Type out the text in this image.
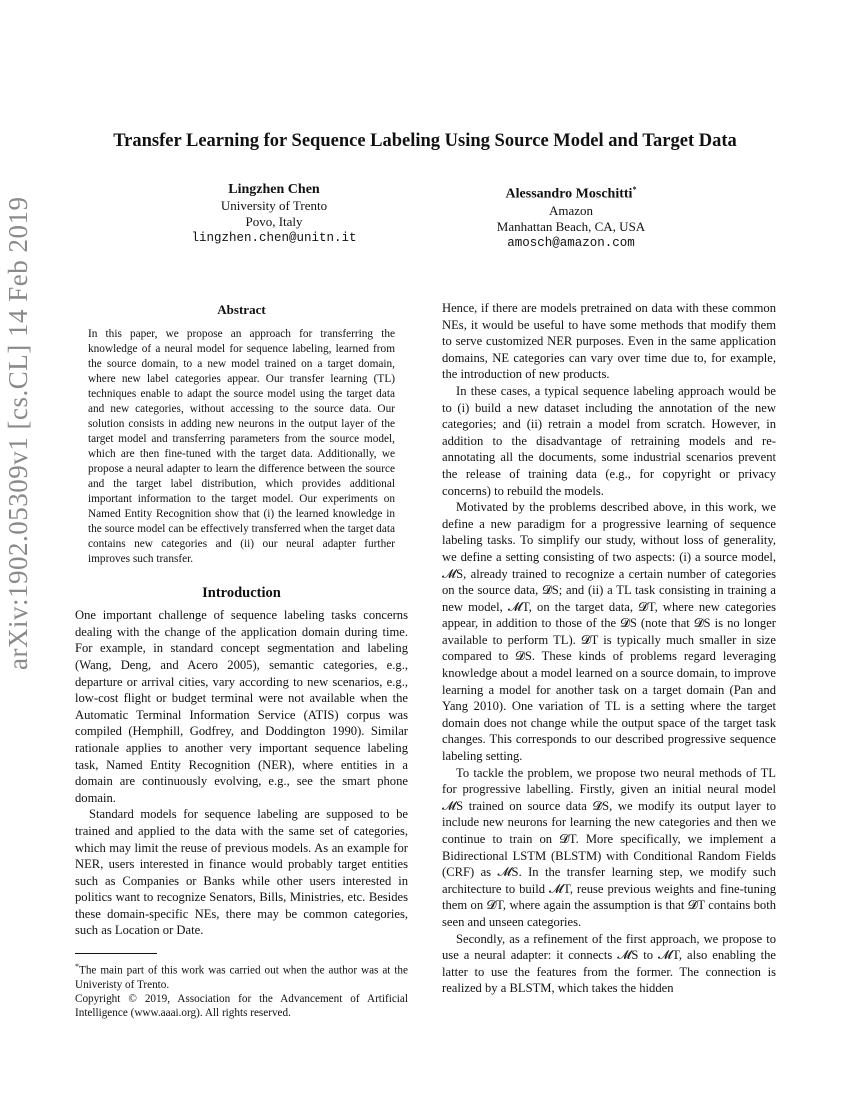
arXiv:1902.05309v1 [cs.CL] 14 Feb 2019
Transfer Learning for Sequence Labeling Using Source Model and Target Data
Lingzhen Chen
University of Trento
Povo, Italy
lingzhen.chen@unitn.it
Alessandro Moschitti*
Amazon
Manhattan Beach, CA, USA
amosch@amazon.com
Abstract
In this paper, we propose an approach for transferring the knowledge of a neural model for sequence labeling, learned from the source domain, to a new model trained on a target domain, where new label categories appear. Our transfer learning (TL) techniques enable to adapt the source model using the target data and new categories, without accessing to the source data. Our solution consists in adding new neurons in the output layer of the target model and transferring parameters from the source model, which are then fine-tuned with the target data. Additionally, we propose a neural adapter to learn the difference between the source and the target label distribution, which provides additional important information to the target model. Our experiments on Named Entity Recognition show that (i) the learned knowledge in the source model can be effectively transferred when the target data contains new categories and (ii) our neural adapter further improves such transfer.
Introduction

One important challenge of sequence labeling tasks concerns dealing with the change of the application domain during time. For example, in standard concept segmentation and labeling (Wang, Deng, and Acero 2005), semantic categories, e.g., departure or arrival cities, vary according to new scenarios, e.g., low-cost flight or budget terminal were not available when the Automatic Terminal Information Service (ATIS) corpus was compiled (Hemphill, Godfrey, and Doddington 1990). Similar rationale applies to another very important sequence labeling task, Named Entity Recognition (NER), where entities in a domain are continuously evolving, e.g., see the smart phone domain.

Standard models for sequence labeling are supposed to be trained and applied to the data with the same set of categories, which may limit the reuse of previous models. As an example for NER, users interested in finance would probably target entities such as Companies or Banks while other users interested in politics want to recognize Senators, Bills, Ministries, etc. Besides these domain-specific NEs, there may be common categories, such as Location or Date.

*The main part of this work was carried out when the author was at the Univeristy of Trento.

Copyright © 2019, Association for the Advancement of Artificial Intelligence (www.aaai.org). All rights reserved.

Hence, if there are models pretrained on data with these common NEs, it would be useful to have some methods that modify them to serve customized NER purposes. Even in the same application domains, NE categories can vary over time due to, for example, the introduction of new products.

In these cases, a typical sequence labeling approach would be to (i) build a new dataset including the annotation of the new categories; and (ii) retrain a model from scratch. However, in addition to the disadvantage of retraining models and re-annotating all the documents, some industrial scenarios prevent the release of training data (e.g., for copyright or privacy concerns) to rebuild the models.

Motivated by the problems described above, in this work, we define a new paradigm for a progressive learning of sequence labeling tasks. To simplify our study, without loss of generality, we define a setting consisting of two aspects: (i) a source model, 𝓜S, already trained to recognize a certain number of categories on the source data, 𝓓S; and (ii) a TL task consisting in training a new model, 𝓜T, on the target data, 𝓓T, where new categories appear, in addition to those of the 𝓓S (note that 𝓓S is no longer available to perform TL). 𝓓T is typically much smaller in size compared to 𝓓S. These kinds of problems regard leveraging knowledge about a model learned on a source domain, to improve learning a model for another task on a target domain (Pan and Yang 2010). One variation of TL is a setting where the target domain does not change while the output space of the target task changes. This corresponds to our described progressive sequence labeling setting.

To tackle the problem, we propose two neural methods of TL for progressive labelling. Firstly, given an initial neural model 𝓜S trained on source data 𝓓S, we modify its output layer to include new neurons for learning the new categories and then we continue to train on 𝓓T. More specifically, we implement a Bidirectional LSTM (BLSTM) with Conditional Random Fields (CRF) as 𝓜S. In the transfer learning step, we modify such architecture to build 𝓜T, reuse previous weights and fine-tuning them on 𝓓T, where again the assumption is that 𝓓T contains both seen and unseen categories.

Secondly, as a refinement of the first approach, we propose to use a neural adapter: it connects 𝓜S to 𝓜T, also enabling the latter to use the features from the former. The connection is realized by a BLSTM, which takes the hidden
